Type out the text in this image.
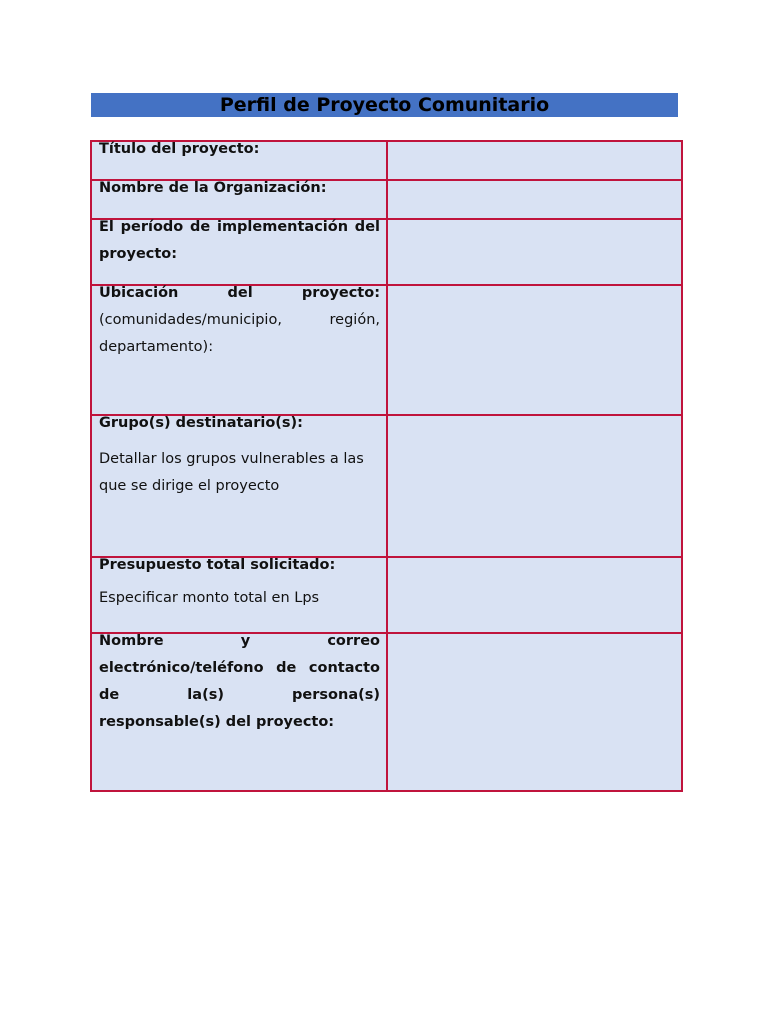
Perfil de Proyecto Comunitario
Título del proyecto:	

Nombre de la Organización:	

El período de implementación del proyecto:	

Ubicación del proyecto: (comunidades/municipio, región, departamento):	

Grupo(s) destinatario(s):
Detallar los grupos vulnerables a las que se dirige el proyecto	

Presupuesto total solicitado:
Especificar monto total en Lps	

Nombre y correo electrónico/teléfono de contacto de la(s) persona(s) responsable(s) del proyecto:	
